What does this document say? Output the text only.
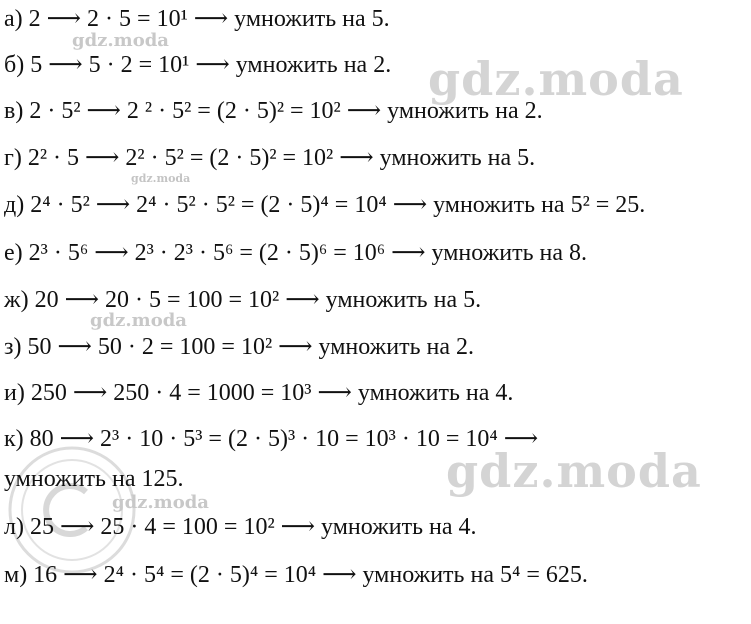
gdz.moda
gdz.moda
gdz.moda
gdz.moda
gdz.moda
gdz.moda
а) 2 ⟶ 2 · 5 = 10¹ ⟶ умножить на 5.
б) 5 ⟶ 5 · 2 = 10¹ ⟶ умножить на 2.
в) 2 · 5² ⟶ 2 ² · 5² = (2 · 5)² = 10² ⟶ умножить на 2.
г) 2² · 5 ⟶ 2² · 5² = (2 · 5)² = 10² ⟶ умножить на 5.
д) 2⁴ · 5² ⟶ 2⁴ · 5² · 5² = (2 · 5)⁴ = 10⁴ ⟶ умножить на 5² = 25.
е) 2³ · 5⁶ ⟶ 2³ · 2³ · 5⁶ = (2 · 5)⁶ = 10⁶ ⟶ умножить на 8.
ж) 20 ⟶ 20 · 5 = 100 = 10² ⟶ умножить на 5.
з) 50 ⟶ 50 · 2 = 100 = 10² ⟶ умножить на 2.
и) 250 ⟶ 250 · 4 = 1000 = 10³ ⟶ умножить на 4.
к) 80 ⟶ 2³ · 10 · 5³ = (2 · 5)³ · 10 = 10³ · 10 = 10⁴ ⟶
умножить на 125.
л) 25 ⟶ 25 · 4 = 100 = 10² ⟶ умножить на 4.
м) 16 ⟶ 2⁴ · 5⁴ = (2 · 5)⁴ = 10⁴ ⟶ умножить на 5⁴ = 625.
